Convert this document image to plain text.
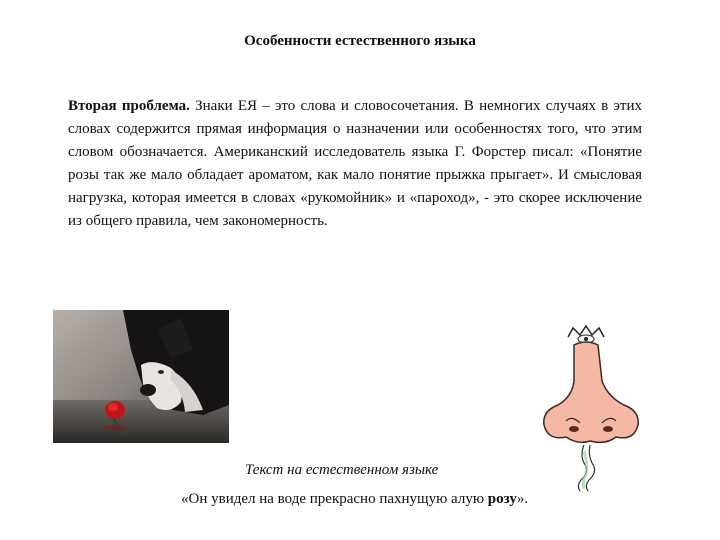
Особенности естественного языка

Вторая проблема. Знаки ЕЯ – это слова и словосочетания. В немногих случаях в этих словах содержится прямая информация о назначении или особенностях того, что этим словом обозначается. Американский исследователь языка Г. Форстер писал: «Понятие розы так же мало обладает ароматом, как мало понятие прыжка прыгает». И смысловая нагрузка, которая имеется в словах «рукомойник» и «пароход», - это скорее исключение из общего правила, чем закономерность.

Текст на естественном языке
«Он увидел на воде прекрасно пахнущую алую розу».
